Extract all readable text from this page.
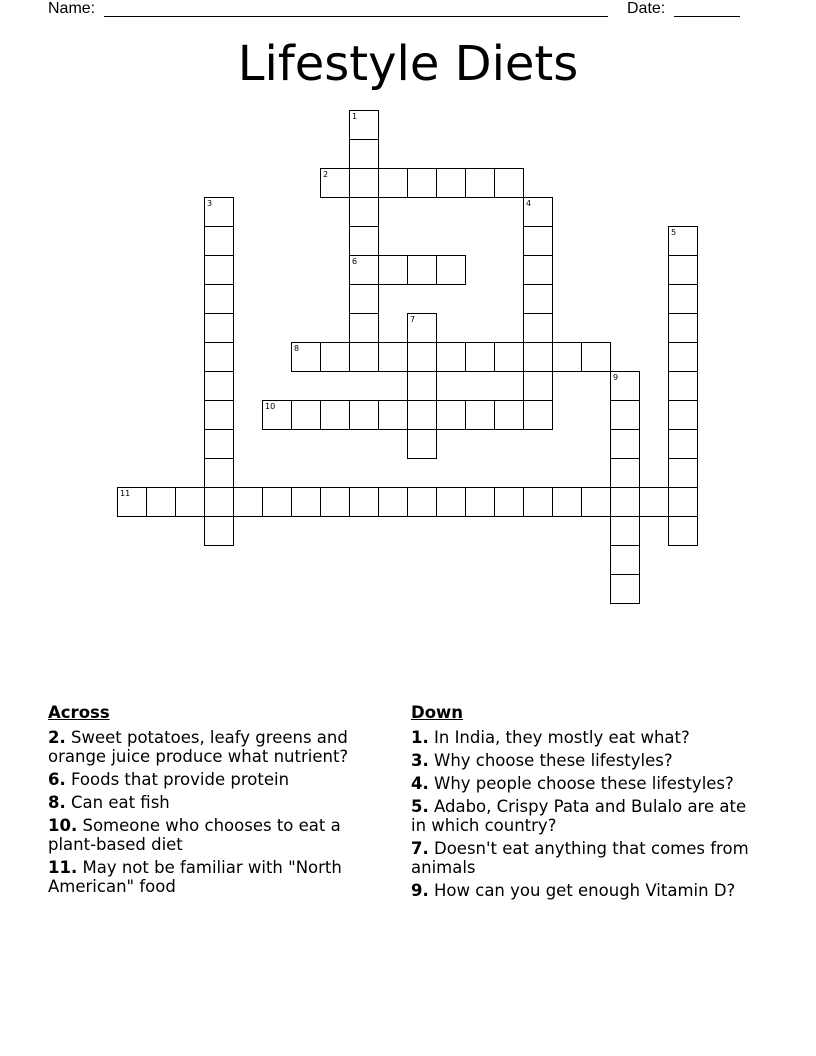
Name:	Date:
Lifestyle Diets
1
6
2
3	4
5
7
8
9
10
11
Across
2. Sweet potatoes, leafy greens and orange juice produce what nutrient?
6. Foods that provide protein
8. Can eat fish
10. Someone who chooses to eat a plant-based diet
11. May not be familiar with "North American" food
Down
1. In India, they mostly eat what?
3. Why choose these lifestyles?
4. Why people choose these lifestyles?
5. Adabo, Crispy Pata and Bulalo are ate in which country?
7. Doesn't eat anything that comes from animals
9. How can you get enough Vitamin D?
